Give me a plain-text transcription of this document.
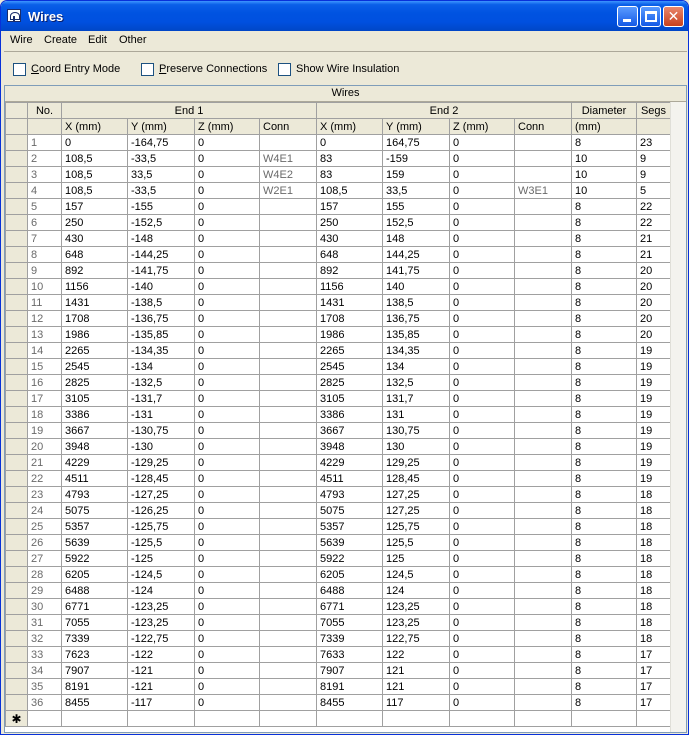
Wires	✕
Wire Create Edit Other
Coord Entry Mode	Preserve Connections	Show Wire Insulation
Wires
	No.	End 1				End 2				Diameter	Segs
		X (mm)	Y (mm)	Z (mm)	Conn	X (mm)	Y (mm)	Z (mm)	Conn	(mm)	
	1	0	-164,75	0		0	164,75	0		8	23
	2	108,5	-33,5	0	W4E1	83	-159	0		10	9
	3	108,5	33,5	0	W4E2	83	159	0		10	9
	4	108,5	-33,5	0	W2E1	108,5	33,5	0	W3E1	10	5
	5	157	-155	0		157	155	0		8	22
	6	250	-152,5	0		250	152,5	0		8	22
	7	430	-148	0		430	148	0		8	21
	8	648	-144,25	0		648	144,25	0		8	21
	9	892	-141,75	0		892	141,75	0		8	20
	10	1156	-140	0		1156	140	0		8	20
	11	1431	-138,5	0		1431	138,5	0		8	20
	12	1708	-136,75	0		1708	136,75	0		8	20
	13	1986	-135,85	0		1986	135,85	0		8	20
	14	2265	-134,35	0		2265	134,35	0		8	19
	15	2545	-134	0		2545	134	0		8	19
	16	2825	-132,5	0		2825	132,5	0		8	19
	17	3105	-131,7	0		3105	131,7	0		8	19
	18	3386	-131	0		3386	131	0		8	19
	19	3667	-130,75	0		3667	130,75	0		8	19
	20	3948	-130	0		3948	130	0		8	19
	21	4229	-129,25	0		4229	129,25	0		8	19
	22	4511	-128,45	0		4511	128,45	0		8	19
	23	4793	-127,25	0		4793	127,25	0		8	18
	24	5075	-126,25	0		5075	127,25	0		8	18
	25	5357	-125,75	0		5357	125,75	0		8	18
	26	5639	-125,5	0		5639	125,5	0		8	18
	27	5922	-125	0		5922	125	0		8	18
	28	6205	-124,5	0		6205	124,5	0		8	18
	29	6488	-124	0		6488	124	0		8	18
	30	6771	-123,25	0		6771	123,25	0		8	18
	31	7055	-123,25	0		7055	123,25	0		8	18
	32	7339	-122,75	0		7339	122,75	0		8	18
	33	7623	-122	0		7633	122	0		8	17
	34	7907	-121	0		7907	121	0		8	17
	35	8191	-121	0		8191	121	0		8	17
	36	8455	-117	0		8455	117	0		8	17

✱											
